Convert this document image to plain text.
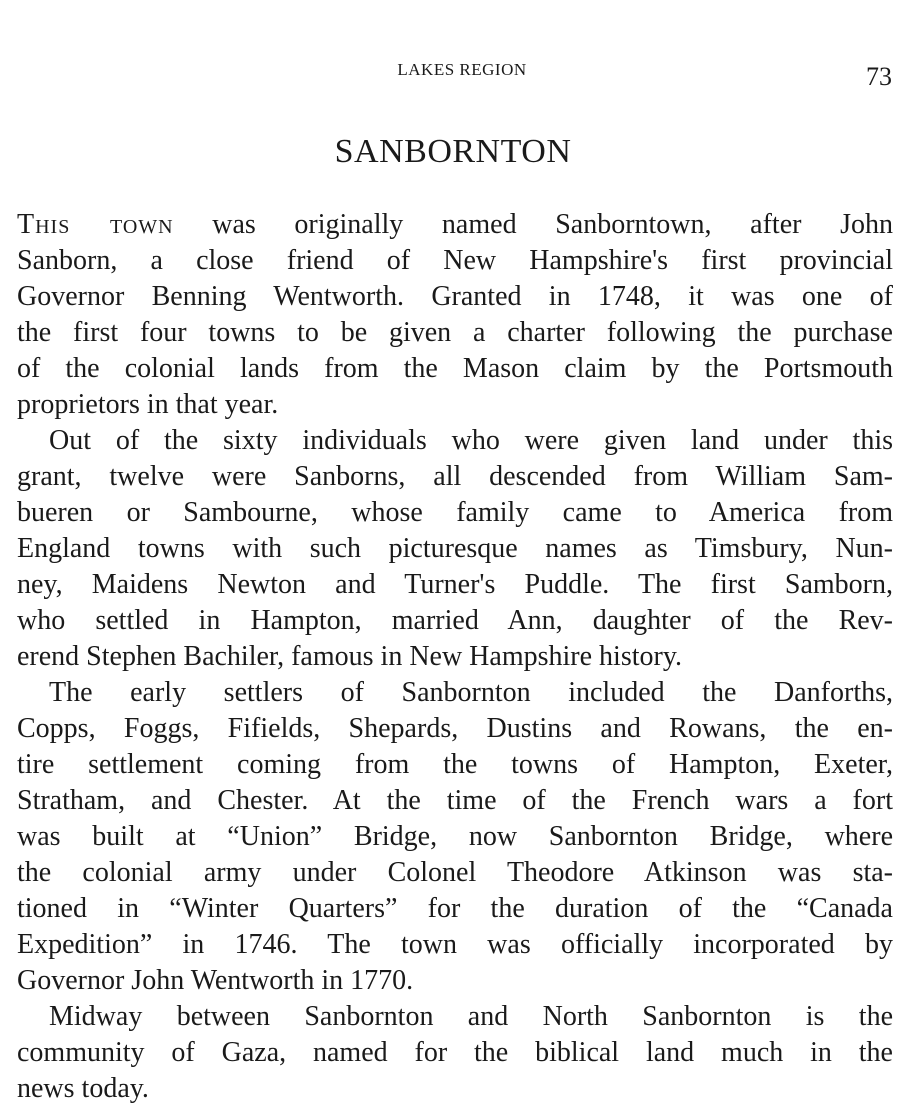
LAKES REGION	73
SANBORNTON
This town was originally named Sanborntown, after John
Sanborn, a close friend of New Hampshire's first provincial
Governor Benning Wentworth. Granted in 1748, it was one of
the first four towns to be given a charter following the purchase
of the colonial lands from the Mason claim by the Portsmouth
proprietors in that year.
Out of the sixty individuals who were given land under this
grant, twelve were Sanborns, all descended from William Sam-
bueren or Sambourne, whose family came to America from
England towns with such picturesque names as Timsbury, Nun-
ney, Maidens Newton and Turner's Puddle. The first Samborn,
who settled in Hampton, married Ann, daughter of the Rev-
erend Stephen Bachiler, famous in New Hampshire history.
The early settlers of Sanbornton included the Danforths,
Copps, Foggs, Fifields, Shepards, Dustins and Rowans, the en-
tire settlement coming from the towns of Hampton, Exeter,
Stratham, and Chester. At the time of the French wars a fort
was built at “Union” Bridge, now Sanbornton Bridge, where
the colonial army under Colonel Theodore Atkinson was sta-
tioned in “Winter Quarters” for the duration of the “Canada
Expedition” in 1746. The town was officially incorporated by
Governor John Wentworth in 1770.
Midway between Sanbornton and North Sanbornton is the
community of Gaza, named for the biblical land much in the
news today.
